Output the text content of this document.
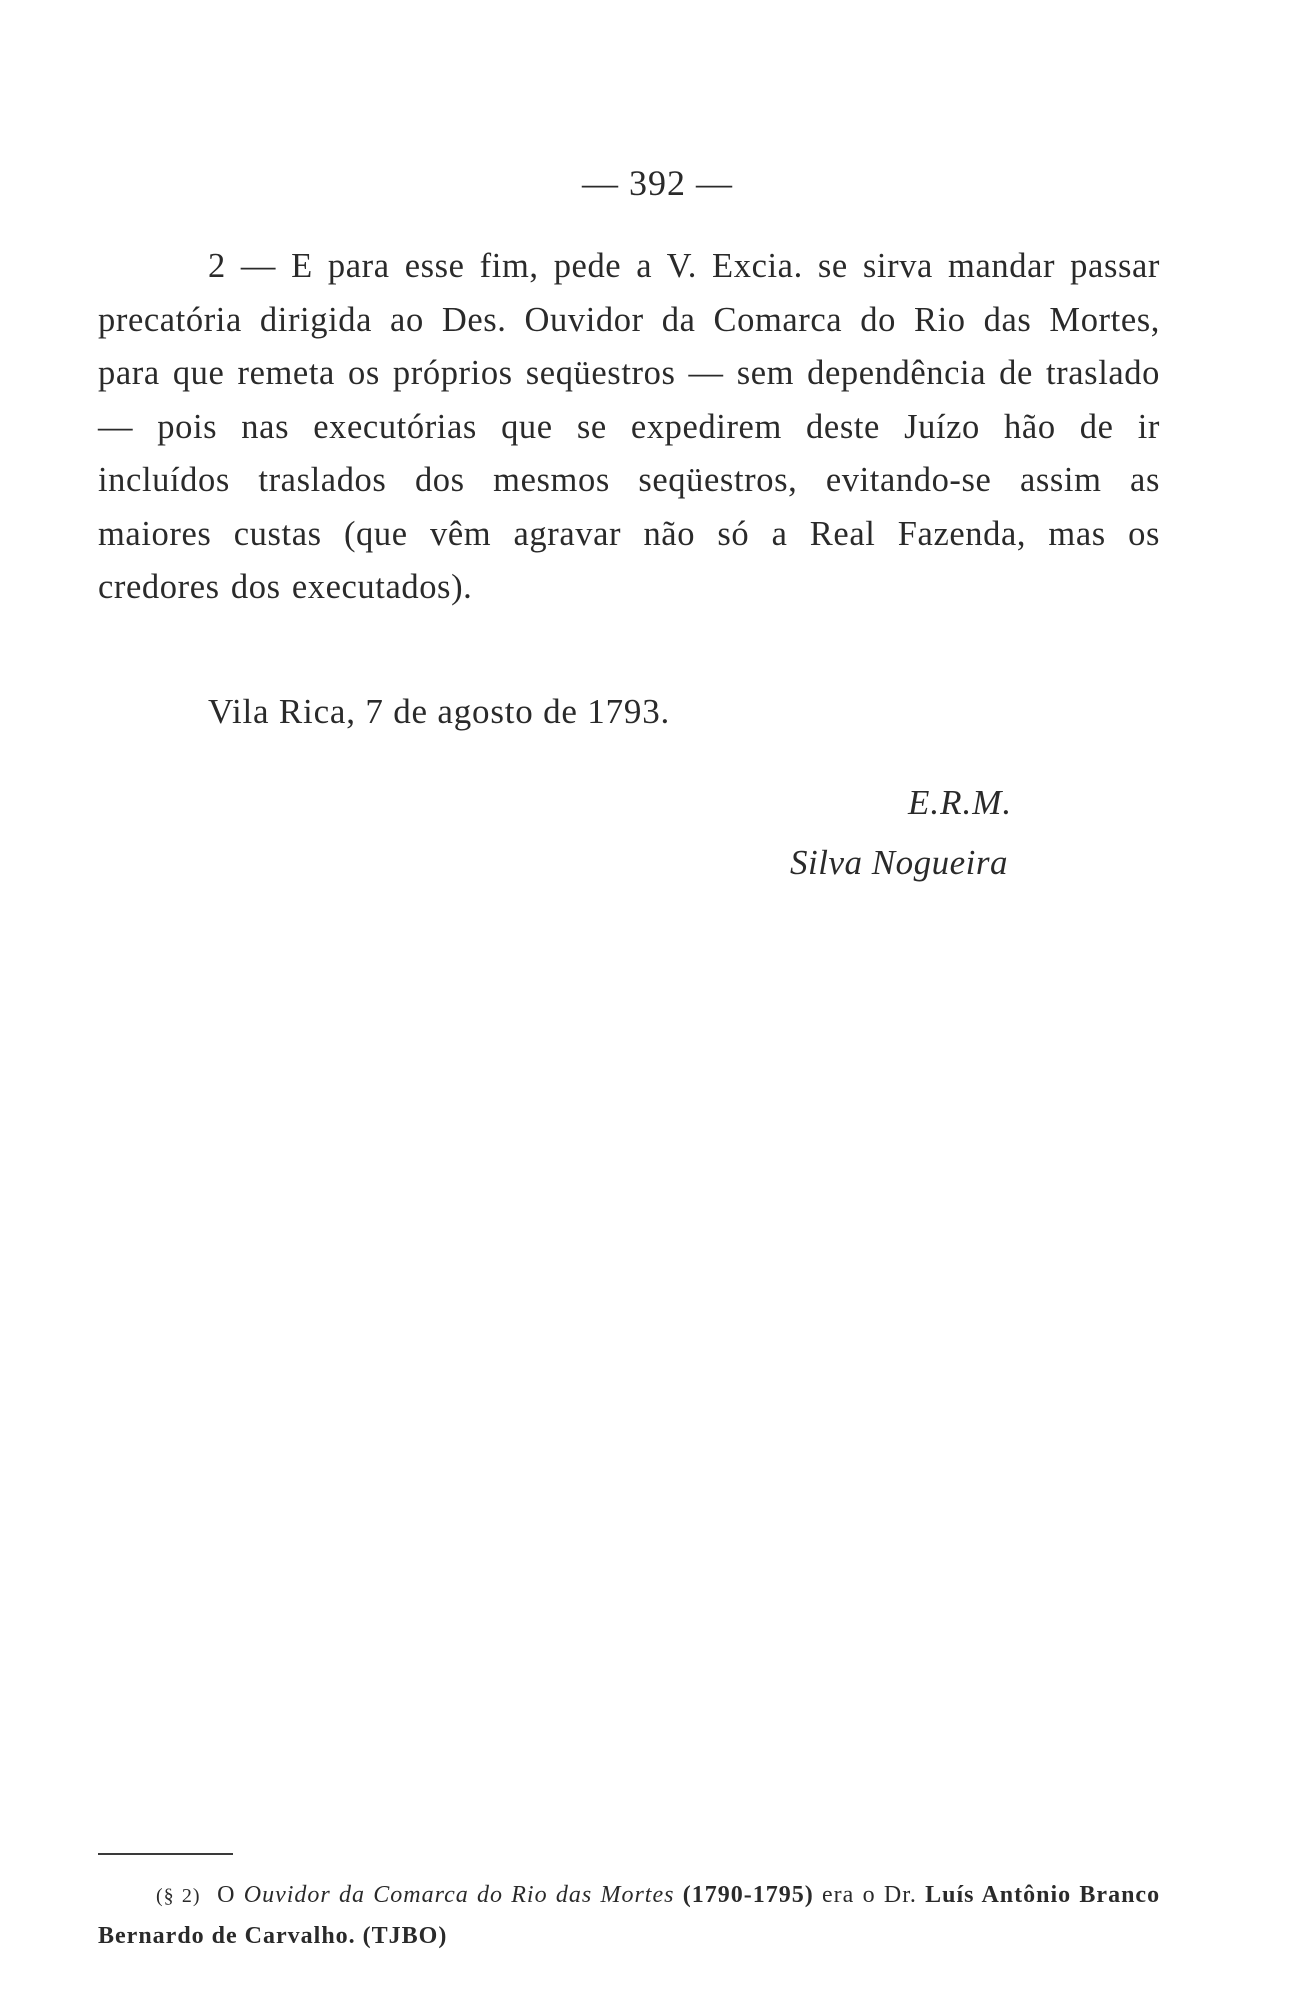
— 392 —

2 — E para esse fim, pede a V. Excia. se sirva mandar passar precatória dirigida ao Des. Ouvidor da Comarca do Rio das Mortes, para que remeta os próprios seqüestros — sem dependência de traslado — pois nas executórias que se expedirem deste Juízo hão de ir incluídos traslados dos mesmos seqüestros, evitando-se assim as maiores custas (que vêm agravar não só a Real Fazenda, mas os credores dos executados).

Vila Rica, 7 de agosto de 1793.

E.R.M.

Silva Nogueira

(§ 2) O Ouvidor da Comarca do Rio das Mortes (1790-1795) era o Dr. Luís Antônio Branco Bernardo de Carvalho. (TJBO)
